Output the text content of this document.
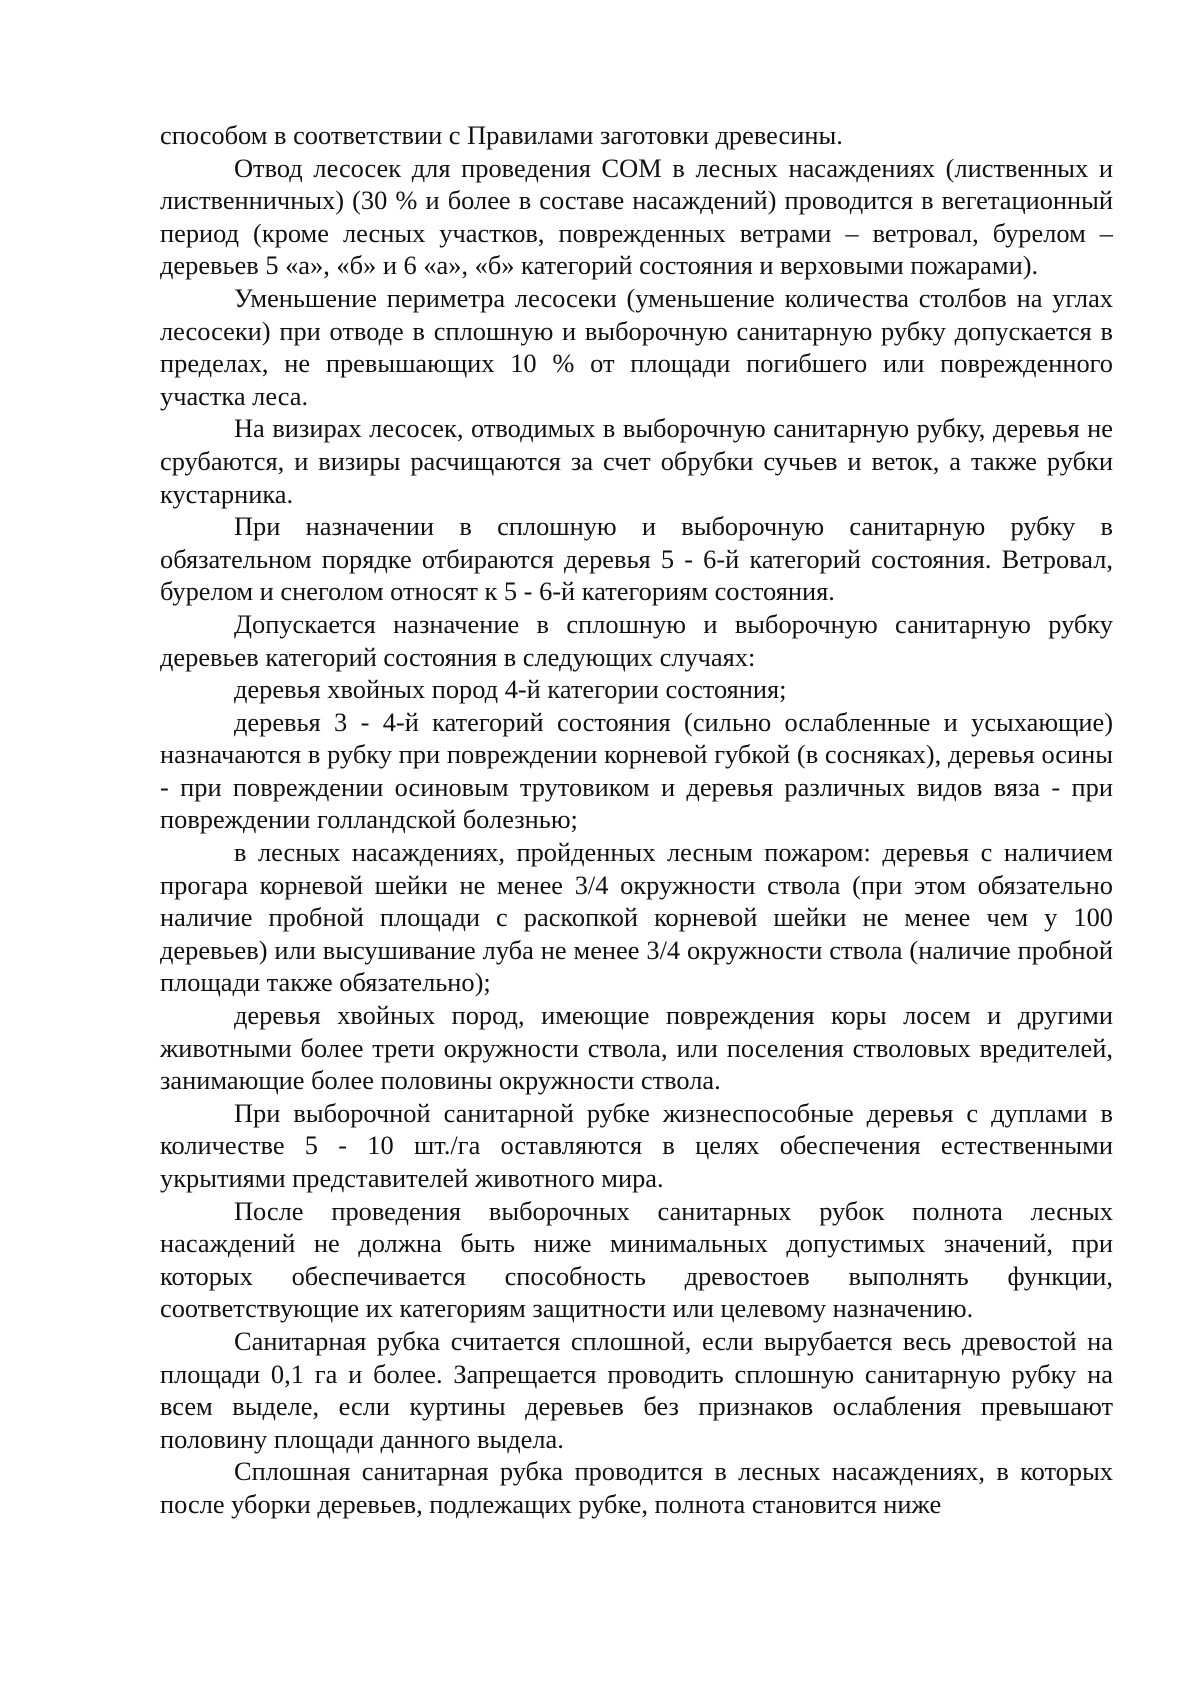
способом в соответствии с Правилами заготовки древесины.

Отвод лесосек для проведения СОМ в лесных насаждениях (лиственных и лиственничных) (30 % и более в составе насаждений) проводится в вегетационный период (кроме лесных участков, поврежденных ветрами – ветровал, бурелом – деревьев 5 «а», «б» и 6 «а», «б» категорий состояния и верховыми пожарами).

Уменьшение периметра лесосеки (уменьшение количества столбов на углах лесосеки) при отводе в сплошную и выборочную санитарную рубку допускается в пределах, не превышающих 10 % от площади погибшего или поврежденного участка леса.

На визирах лесосек, отводимых в выборочную санитарную рубку, деревья не срубаются, и визиры расчищаются за счет обрубки сучьев и веток, а также рубки кустарника.

При назначении в сплошную и выборочную санитарную рубку в обязательном порядке отбираются деревья 5 - 6-й категорий состояния. Ветровал, бурелом и снеголом относят к 5 - 6-й категориям состояния.

Допускается назначение в сплошную и выборочную санитарную рубку деревьев категорий состояния в следующих случаях:

деревья хвойных пород 4-й категории состояния;

деревья 3 - 4-й категорий состояния (сильно ослабленные и усыхающие) назначаются в рубку при повреждении корневой губкой (в сосняках), деревья осины - при повреждении осиновым трутовиком и деревья различных видов вяза - при повреждении голландской болезнью;

в лесных насаждениях, пройденных лесным пожаром: деревья с наличием прогара корневой шейки не менее 3/4 окружности ствола (при этом обязательно наличие пробной площади с раскопкой корневой шейки не менее чем у 100 деревьев) или высушивание луба не менее 3/4 окружности ствола (наличие пробной площади также обязательно);

деревья хвойных пород, имеющие повреждения коры лосем и другими животными более трети окружности ствола, или поселения стволовых вредителей, занимающие более половины окружности ствола.

При выборочной санитарной рубке жизнеспособные деревья с дуплами в количестве 5 - 10 шт./га оставляются в целях обеспечения естественными укрытиями представителей животного мира.

После проведения выборочных санитарных рубок полнота лесных насаждений не должна быть ниже минимальных допустимых значений, при которых обеспечивается способность древостоев выполнять функции, соответствующие их категориям защитности или целевому назначению.

Санитарная рубка считается сплошной, если вырубается весь древостой на площади 0,1 га и более. Запрещается проводить сплошную санитарную рубку на всем выделе, если куртины деревьев без признаков ослабления превышают половину площади данного выдела.

Сплошная санитарная рубка проводится в лесных насаждениях, в которых после уборки деревьев, подлежащих рубке, полнота становится ниже
